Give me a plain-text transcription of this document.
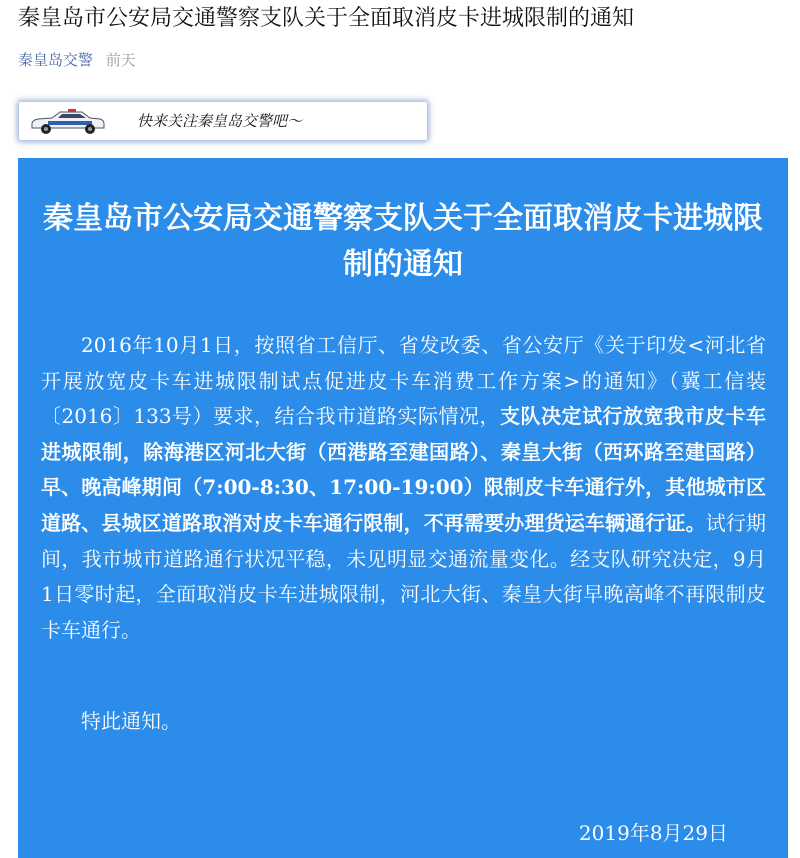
秦皇岛市公安局交通警察支队关于全面取消皮卡进城限制的通知
秦皇岛交警 前天
快来关注秦皇岛交警吧～
秦皇岛市公安局交通警察支队关于全面取消皮卡进城限制的通知

2016年10月1日，按照省工信厅、省发改委、省公安厅《关于印发<河北省开展放宽皮卡车进城限制试点促进皮卡车消费工作方案>的通知》（冀工信装〔2016〕133号）要求，结合我市道路实际情况，支队决定试行放宽我市皮卡车进城限制，除海港区河北大街（西港路至建国路）、秦皇大街（西环路至建国路）早、晚高峰期间（7:00-8:30、17:00-19:00）限制皮卡车通行外，其他城市区道路、县城区道路取消对皮卡车通行限制，不再需要办理货运车辆通行证。试行期间，我市城市道路通行状况平稳，未见明显交通流量变化。经支队研究决定，9月1日零时起，全面取消皮卡车进城限制，河北大街、秦皇大街早晚高峰不再限制皮卡车通行。

特此通知。
2019年8月29日
